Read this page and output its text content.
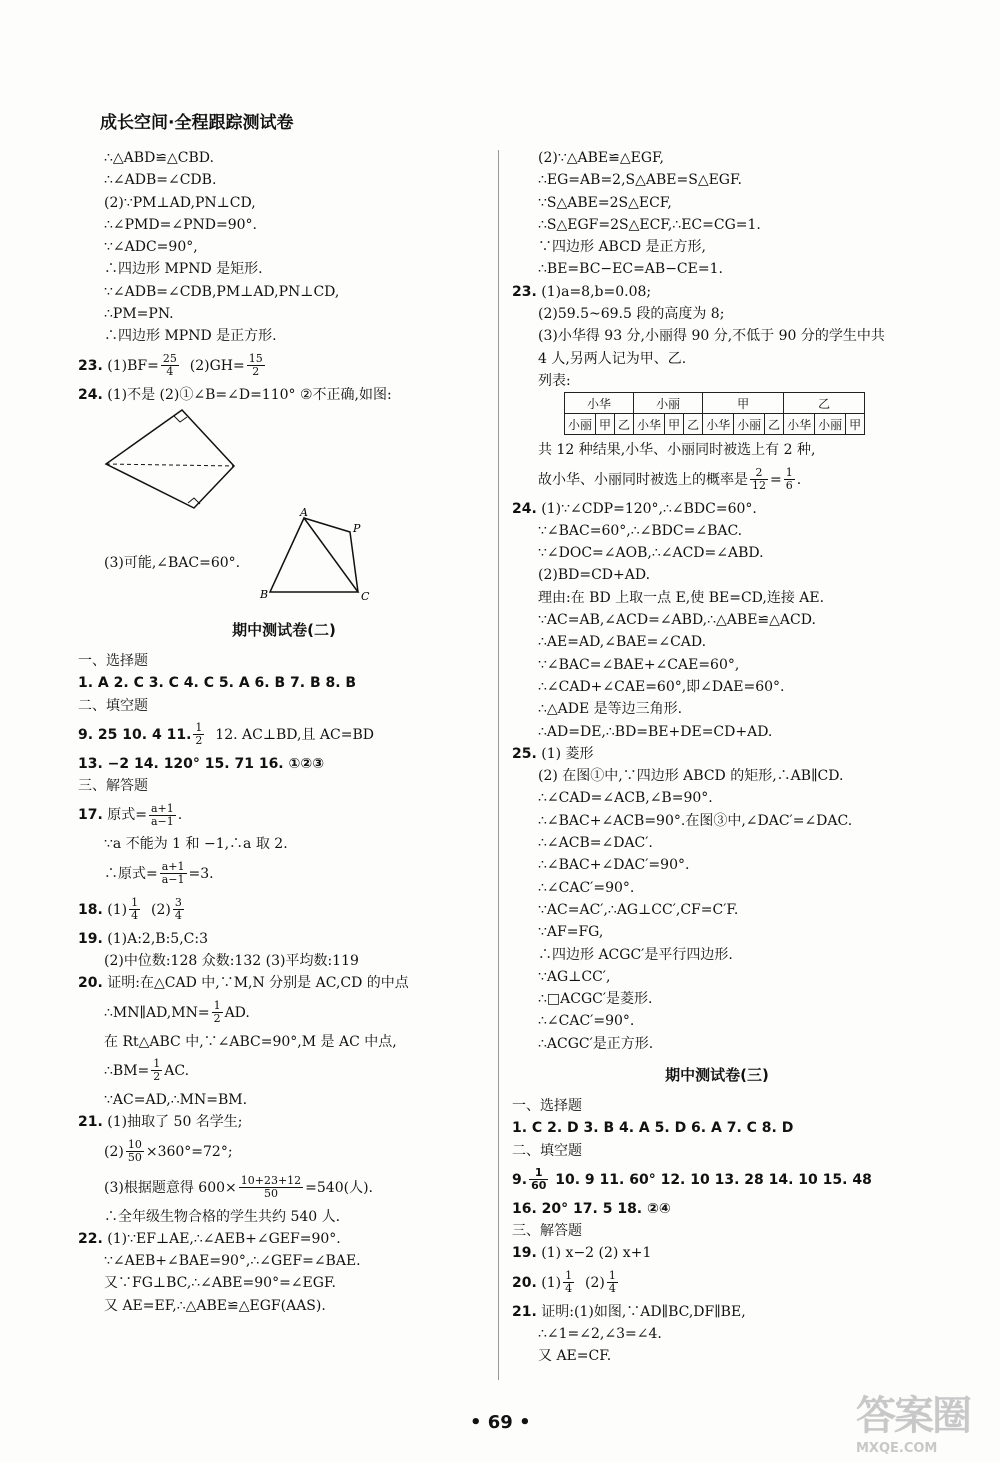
成长空间·全程跟踪测试卷
∴△ABD≌△CBD.
∴∠ADB=∠CDB.
(2)∵PM⊥AD,PN⊥CD,
∴∠PMD=∠PND=90°.
∵∠ADC=90°,
∴四边形 MPND 是矩形.
∵∠ADB=∠CDB,PM⊥AD,PN⊥CD,
∴PM=PN.
∴四边形 MPND 是正方形.
23. $(1)BF= \frac{25}{4} (2)GH= \frac{15}{2}$
24. (1)不是 (2)①∠B=∠D=110° ②不正确,如图:
(3)可能,∠BAC=60°.
A
B	C
P
期中测试卷(二)
一、选择题
1. A 2. C 3. C 4. C 5. A 6. B 7. B 8. B
二、填空题
9. 25 10. 4 11. $\frac{1}{2} 12$. AC⊥BD,且 AC=BD
13. −2 14. 120° 15. 71 16. ①②③
三、解答题
17. 原式= $\frac{a+1}{a-1}$ .
∵a 不能为 1 和 −1,∴a 取 2.
∴原式= $\frac{a+1}{a-1} =3$.
18. $(1) \frac{1}{4} (2) \frac{3}{4}$
19. (1)A:2,B:5,C:3
(2)中位数:128 众数:132 (3)平均数:119
20. 证明:在△CAD 中,∵M,N 分别是 AC,CD 的中点
∴MN∥AD,MN= $\frac{1}{2}$ AD.
在 Rt△ABC 中,∵∠ABC=90°,M 是 AC 中点,
∴BM= $\frac{1}{2}$ AC.
∵AC=AD,∴MN=BM.
21. (1)抽取了 50 名学生;
$(2) \frac{10}{50} \times 360^\circ=72^\circ$;
(3)根据题意得 $600\times \frac{10+23+12}{50} =540$(人).
∴全年级生物合格的学生共约 540 人.
22. (1)∵EF⊥AE,∴∠AEB+∠GEF=90°.
∵∠AEB+∠BAE=90°,∴∠GEF=∠BAE.
又∵FG⊥BC,∴∠ABE=90°=∠EGF.
又 AE=EF,∴△ABE≌△EGF(AAS).
(2)∵△ABE≌△EGF,
∴EG=AB=2,S△ABE=S△EGF.
∵S△ABE=2S△ECF,
∴S△EGF=2S△ECF,∴EC=CG=1.
∵四边形 ABCD 是正方形,
∴BE=BC−EC=AB−CE=1.
23. (1)a=8,b=0.08;
(2)59.5~69.5 段的高度为 8;
(3)小华得 93 分,小丽得 90 分,不低于 90 分的学生中共
4 人,另两人记为甲、乙.
列表:
小华			小丽			甲			乙		
小丽	甲	乙	小华	甲	乙	小华	小丽	乙	小华	小丽	甲
共 12 种结果,小华、小丽同时被选上有 2 种,
故小华、小丽同时被选上的概率是 $\frac{2}{12} = \frac{1}{6}$ .
24. (1)∵∠CDP=120°,∴∠BDC=60°.
∵∠BAC=60°,∴∠BDC=∠BAC.
∵∠DOC=∠AOB,∴∠ACD=∠ABD.
(2)BD=CD+AD.
理由:在 BD 上取一点 E,使 BE=CD,连接 AE.
∵AC=AB,∠ACD=∠ABD,∴△ABE≌△ACD.
∴AE=AD,∠BAE=∠CAD.
∵∠BAC=∠BAE+∠CAE=60°,
∴∠CAD+∠CAE=60°,即∠DAE=60°.
∴△ADE 是等边三角形.
∴AD=DE,∴BD=BE+DE=CD+AD.
25. (1) 菱形
(2) 在图①中,∵四边形 ABCD 的矩形,∴AB∥CD.
∴∠CAD=∠ACB,∠B=90°.
∴∠BAC+∠ACB=90°.在图③中,∠DAC′=∠DAC.
∴∠ACB=∠DAC′.
∴∠BAC+∠DAC′=90°.
∴∠CAC′=90°.
∵AC=AC′,∴AG⊥CC′,CF=C′F.
∵AF=FG,
∴四边形 ACGC′是平行四边形.
∵AG⊥CC′,
∴□ACGC′是菱形.
∴∠CAC′=90°.
∴ACGC′是正方形.
期中测试卷(三)
一、选择题
1. C 2. D 3. B 4. A 5. D 6. A 7. C 8. D
二、填空题
9. $\frac{1}{60} 10$. 9 11. 60° 12. 10 13. 28 14. 10 15. 48
16. 20° 17. 5 18. ②④
三、解答题
19. (1) x−2 (2) x+1
20. $(1) \frac{1}{4} (2) \frac{1}{4}$
21. 证明:(1)如图,∵AD∥BC,DF∥BE,
∴∠1=∠2,∠3=∠4.
又 AE=CF.
• 69 •	答案圈
MXQE.COM
